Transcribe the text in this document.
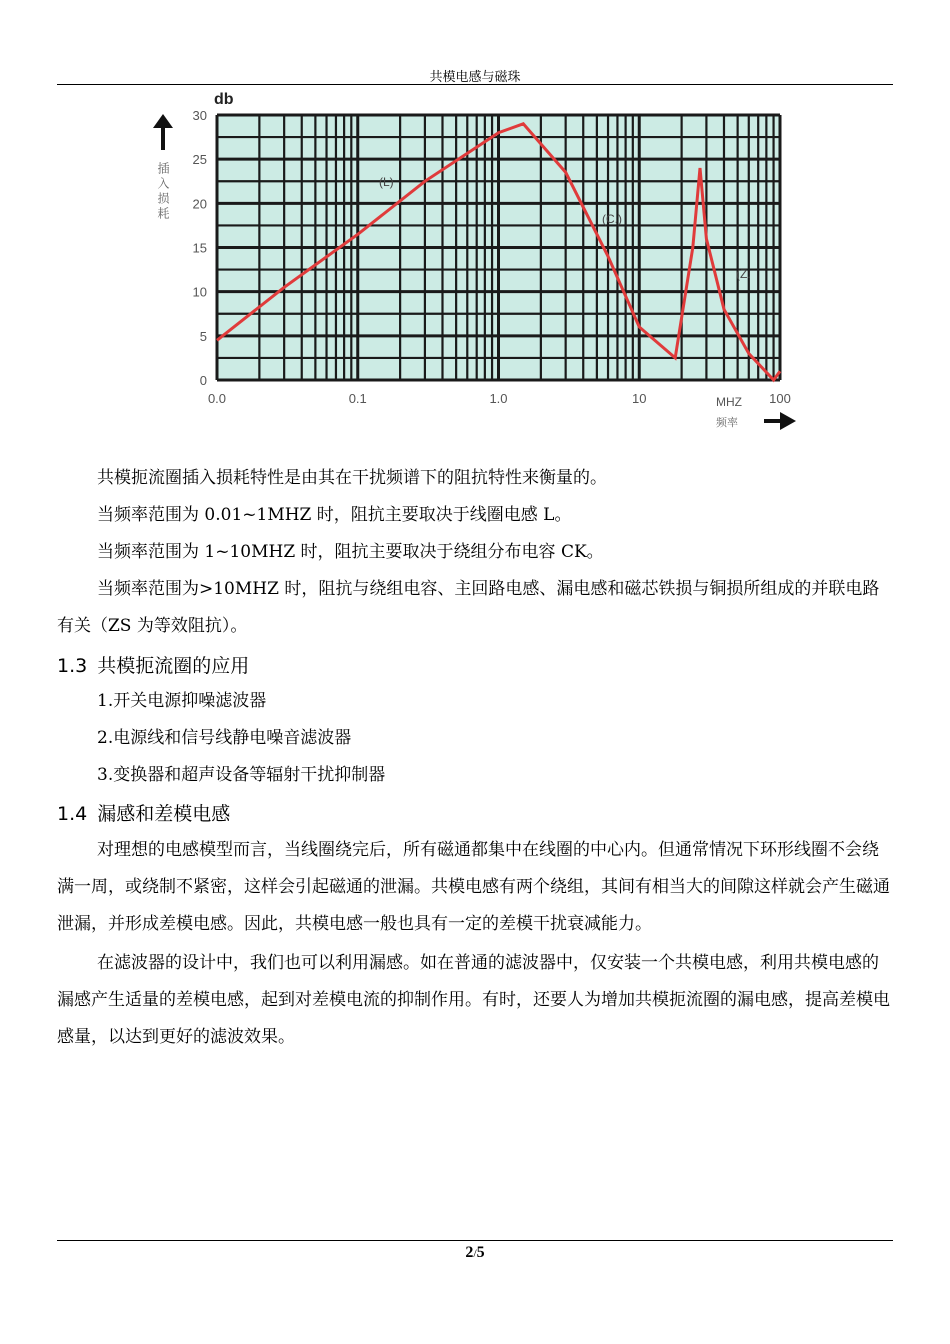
共模电感与磁珠
0
5
10
15
20
25
30
0.0	0.1	1.0	10	100
db
插入损耗
MHZ
频率
(L)
(C.)
(Z.
共模扼流圈插入损耗特性是由其在干扰频谱下的阻抗特性来衡量的。
当频率范围为 0.01~1MHZ 时，阻抗主要取决于线圈电感 L。
当频率范围为 1~10MHZ 时，阻抗主要取决于绕组分布电容 CK。
当频率范围为>10MHZ 时，阻抗与绕组电容、主回路电感、漏电感和磁芯铁损与铜损所组成的并联电路有关（ZS 为等效阻抗）。
1.3 共模扼流圈的应用
1.开关电源抑噪滤波器
2.电源线和信号线静电噪音滤波器
3.变换器和超声设备等辐射干扰抑制器
1.4 漏感和差模电感
对理想的电感模型而言，当线圈绕完后，所有磁通都集中在线圈的中心内。但通常情况下环形线圈不会绕满一周，或绕制不紧密，这样会引起磁通的泄漏。共模电感有两个绕组，其间有相当大的间隙这样就会产生磁通泄漏，并形成差模电感。因此，共模电感一般也具有一定的差模干扰衰减能力。
在滤波器的设计中，我们也可以利用漏感。如在普通的滤波器中，仅安装一个共模电感，利用共模电感的漏感产生适量的差模电感，起到对差模电流的抑制作用。有时，还要人为增加共模扼流圈的漏电感，提高差模电感量，以达到更好的滤波效果。
2/5
